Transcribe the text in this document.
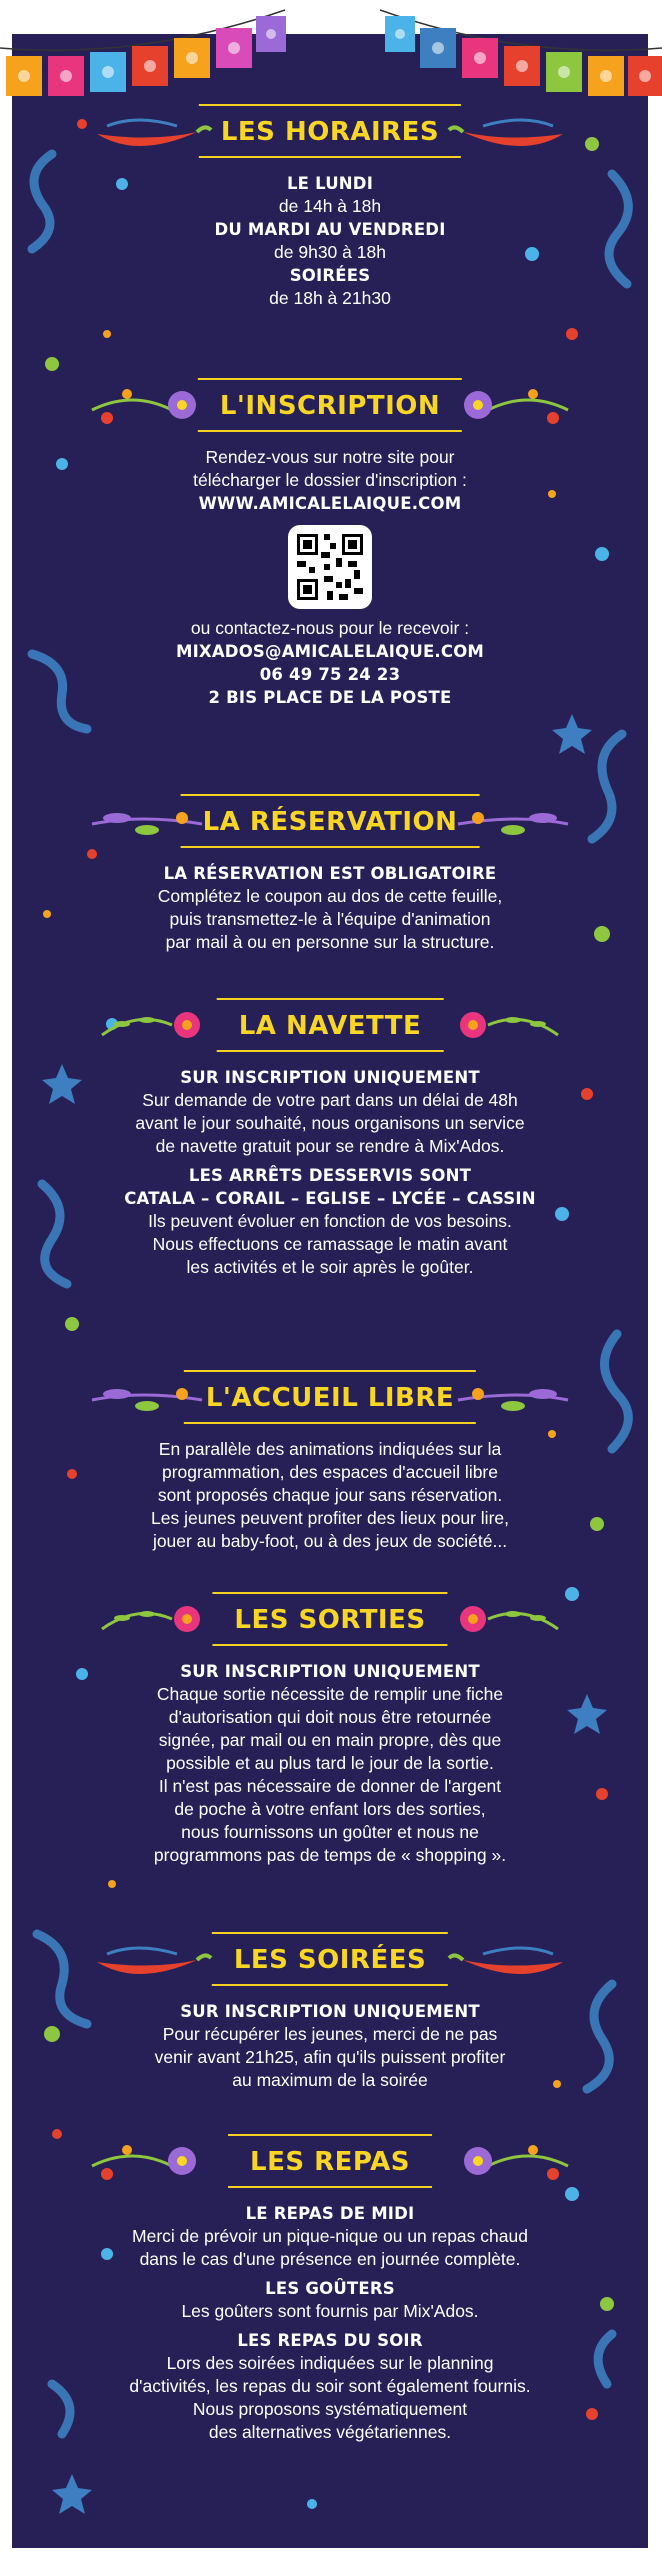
LES HORAIRES
LE LUNDI
de 14h à 18h
DU MARDI AU VENDREDI
de 9h30 à 18h
SOIRÉES
de 18h à 21h30
L'INSCRIPTION
Rendez-vous sur notre site pour
télécharger le dossier d'inscription :
WWW.AMICALELAIQUE.COM
ou contactez-nous pour le recevoir :
MIXADOS@AMICALELAIQUE.COM
06 49 75 24 23
2 BIS PLACE DE LA POSTE
LA RÉSERVATION
LA RÉSERVATION EST OBLIGATOIRE
Complétez le coupon au dos de cette feuille,
puis transmettez-le à l'équipe d'animation
par mail à ou en personne sur la structure.
LA NAVETTE
SUR INSCRIPTION UNIQUEMENT
Sur demande de votre part dans un délai de 48h
avant le jour souhaité, nous organisons un service
de navette gratuit pour se rendre à Mix'Ados.
LES ARRÊTS DESSERVIS SONT
CATALA – CORAIL – EGLISE – LYCÉE – CASSIN
Ils peuvent évoluer en fonction de vos besoins.
Nous effectuons ce ramassage le matin avant
les activités et le soir après le goûter.
L'ACCUEIL LIBRE
En parallèle des animations indiquées sur la
programmation, des espaces d'accueil libre
sont proposés chaque jour sans réservation.
Les jeunes peuvent profiter des lieux pour lire,
jouer au baby-foot, ou à des jeux de société...
LES SORTIES
SUR INSCRIPTION UNIQUEMENT
Chaque sortie nécessite de remplir une fiche
d'autorisation qui doit nous être retournée
signée, par mail ou en main propre, dès que
possible et au plus tard le jour de la sortie.
Il n'est pas nécessaire de donner de l'argent
de poche à votre enfant lors des sorties,
nous fournissons un goûter et nous ne
programmons pas de temps de « shopping ».
LES SOIRÉES
SUR INSCRIPTION UNIQUEMENT
Pour récupérer les jeunes, merci de ne pas
venir avant 21h25, afin qu'ils puissent profiter
au maximum de la soirée
LES REPAS
LE REPAS DE MIDI
Merci de prévoir un pique-nique ou un repas chaud
dans le cas d'une présence en journée complète.
LES GOÛTERS
Les goûters sont fournis par Mix'Ados.
LES REPAS DU SOIR
Lors des soirées indiquées sur le planning
d'activités, les repas du soir sont également fournis.
Nous proposons systématiquement
des alternatives végétariennes.
